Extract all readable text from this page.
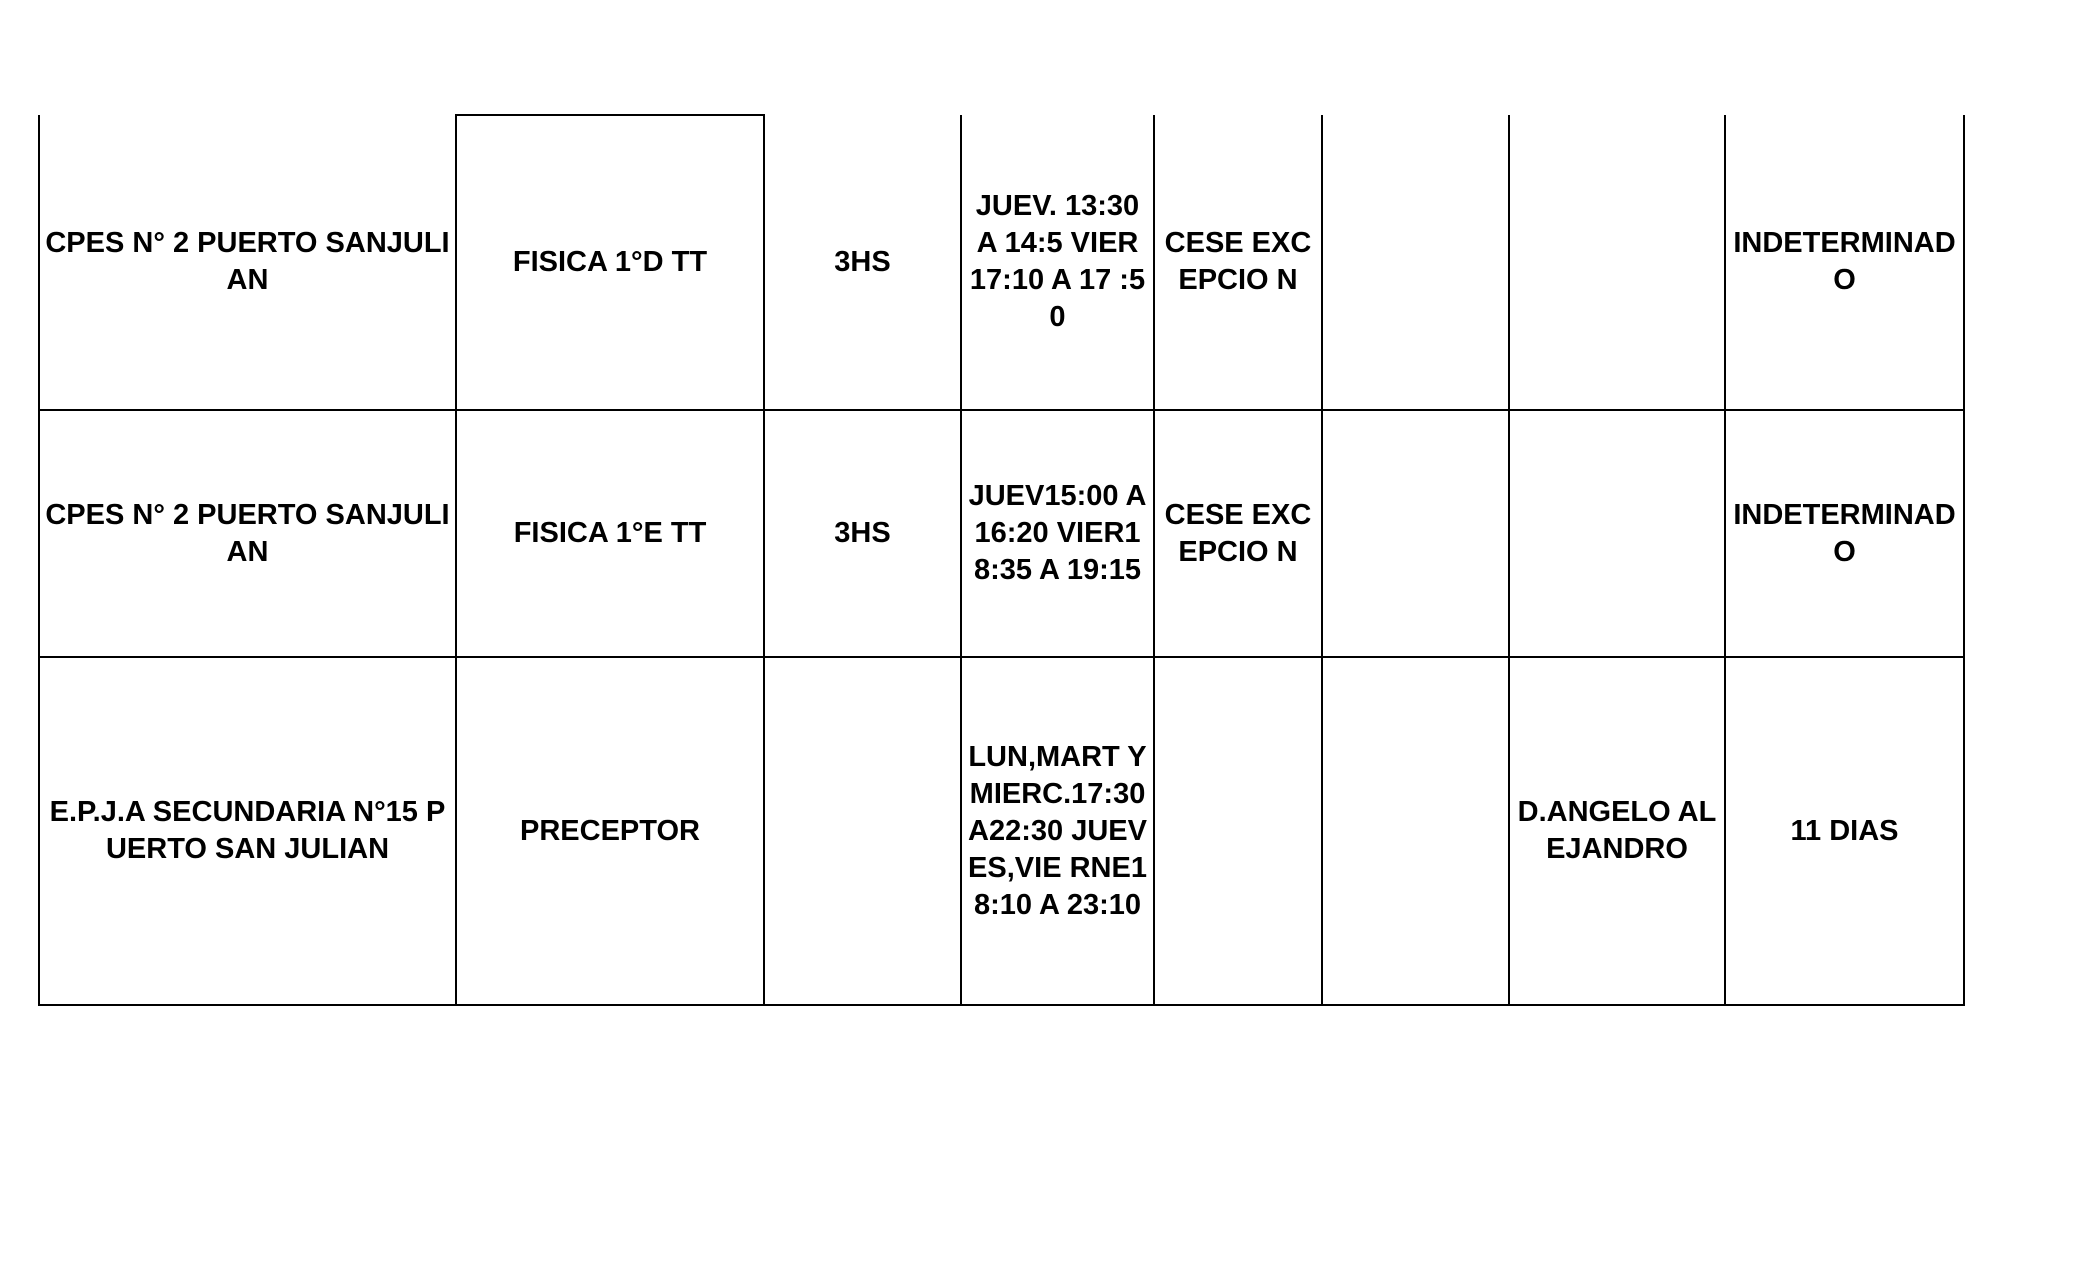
CPES N° 2 PUERTO SANJULIAN	FISICA 1°D TT	3HS	JUEV. 13:30 A 14:5 VIER 17:10 A 17 :50	CESE EXCEPCIO N			INDETERMINAD O
CPES N° 2 PUERTO SANJULIAN	FISICA 1°E TT	3HS	JUEV15:00 A16:20 VIER18:35 A 19:15	CESE EXCEPCIO N			INDETERMINAD O
E.P.J.A SECUNDARIA N°15 PUERTO SAN JULIAN	PRECEPTOR		LUN,MART Y MIERC.17:30 A22:30 JUEVES,VIE RNE18:10 A 23:10			D.ANGELO ALEJANDRO	11 DIAS
